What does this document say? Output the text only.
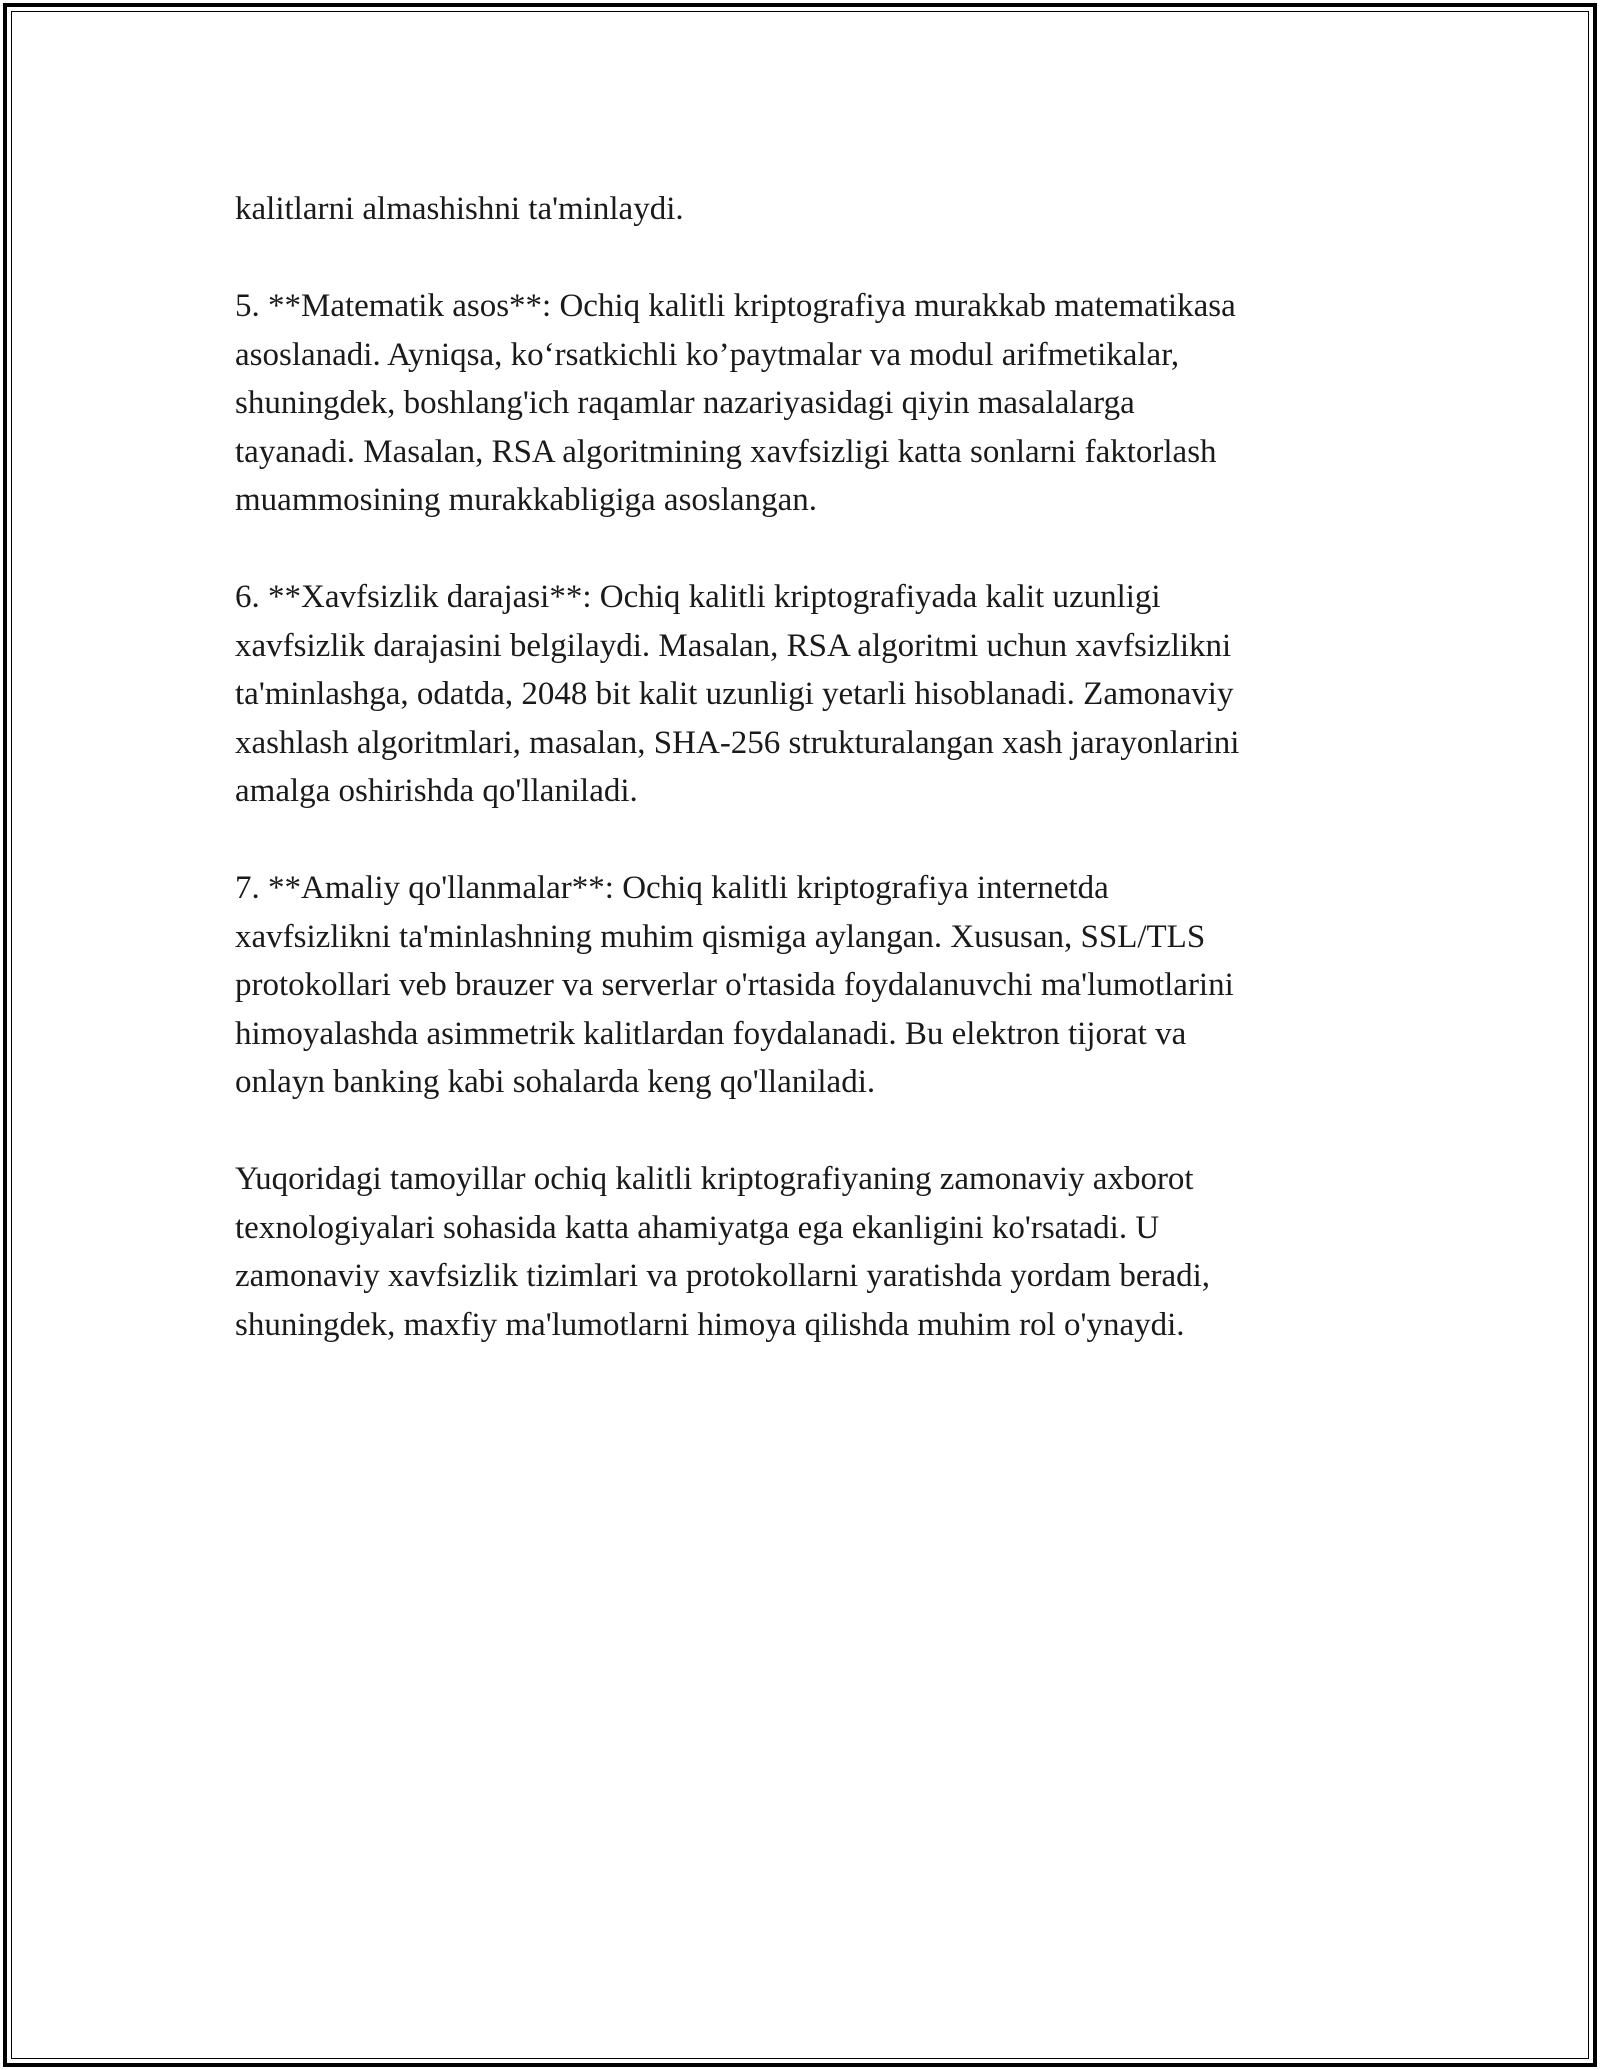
kalitlarni almashishni ta'minlaydi.

5. **Matematik asos**: Ochiq kalitli kriptografiya murakkab matematikasa
asoslanadi. Ayniqsa, ko‘rsatkichli ko’paytmalar va modul arifmetikalar,
shuningdek, boshlang'ich raqamlar nazariyasidagi qiyin masalalarga
tayanadi. Masalan, RSA algoritmining xavfsizligi katta sonlarni faktorlash
muammosining murakkabligiga asoslangan.

6. **Xavfsizlik darajasi**: Ochiq kalitli kriptografiyada kalit uzunligi
xavfsizlik darajasini belgilaydi. Masalan, RSA algoritmi uchun xavfsizlikni
ta'minlashga, odatda, 2048 bit kalit uzunligi yetarli hisoblanadi. Zamonaviy
xashlash algoritmlari, masalan, SHA-256 strukturalangan xash jarayonlarini
amalga oshirishda qo'llaniladi.

7. **Amaliy qo'llanmalar**: Ochiq kalitli kriptografiya internetda
xavfsizlikni ta'minlashning muhim qismiga aylangan. Xususan, SSL/TLS
protokollari veb brauzer va serverlar o'rtasida foydalanuvchi ma'lumotlarini
himoyalashda asimmetrik kalitlardan foydalanadi. Bu elektron tijorat va
onlayn banking kabi sohalarda keng qo'llaniladi.

Yuqoridagi tamoyillar ochiq kalitli kriptografiyaning zamonaviy axborot
texnologiyalari sohasida katta ahamiyatga ega ekanligini ko'rsatadi. U
zamonaviy xavfsizlik tizimlari va protokollarni yaratishda yordam beradi,
shuningdek, maxfiy ma'lumotlarni himoya qilishda muhim rol o'ynaydi.
